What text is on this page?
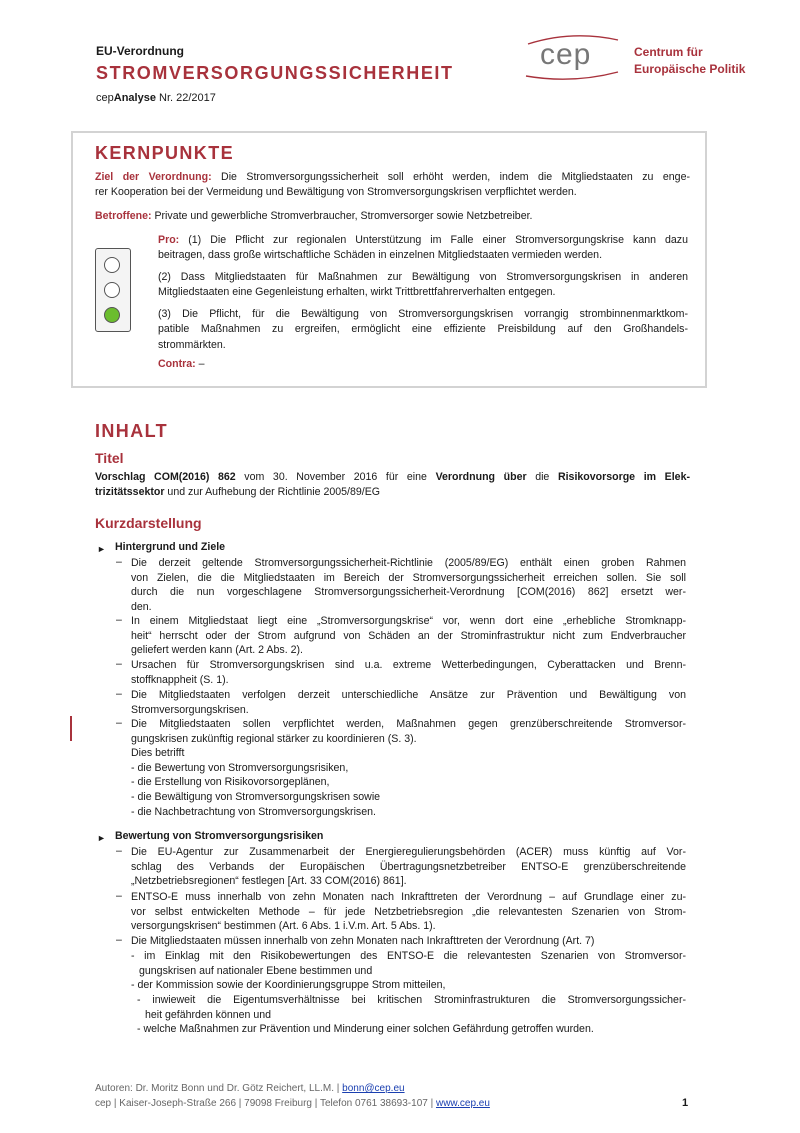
EU-Verordnung
STROMVERSORGUNGSSICHERHEIT
cepAnalyse Nr. 22/2017
cep	Centrum für
Europäische Politik
KERNPUNKTE
Ziel der Verordnung: Die Stromversorgungssicherheit soll erhöht werden, indem die Mitgliedstaaten zu enge-
rer Kooperation bei der Vermeidung und Bewältigung von Stromversorgungskrisen verpflichtet werden.
Betroffene: Private und gewerbliche Stromverbraucher, Stromversorger sowie Netzbetreiber.
Pro: (1) Die Pflicht zur regionalen Unterstützung im Falle einer Stromversorgungskrise kann dazu
beitragen, dass große wirtschaftliche Schäden in einzelnen Mitgliedstaaten vermieden werden.
(2) Dass Mitgliedstaaten für Maßnahmen zur Bewältigung von Stromversorgungskrisen in anderen
Mitgliedstaaten eine Gegenleistung erhalten, wirkt Trittbrettfahrerverhalten entgegen.
(3) Die Pflicht, für die Bewältigung von Stromversorgungskrisen vorrangig strombinnenmarktkom-
patible Maßnahmen zu ergreifen, ermöglicht eine effiziente Preisbildung auf den Großhandels-
strommärkten.
Contra: –
INHALT
Titel
Vorschlag COM(2016) 862 vom 30. November 2016 für eine Verordnung über die Risikovorsorge im Elek-
trizitätssektor und zur Aufhebung der Richtlinie 2005/89/EG
Kurzdarstellung
► Hintergrund und Ziele
– Die derzeit geltende Stromversorgungssicherheit-Richtlinie (2005/89/EG) enthält einen groben Rahmen
von Zielen, die die Mitgliedstaaten im Bereich der Stromversorgungssicherheit erreichen sollen. Sie soll
durch die nun vorgeschlagene Stromversorgungssicherheit-Verordnung [COM(2016) 862] ersetzt wer-
den.
– In einem Mitgliedstaat liegt eine „Stromversorgungskrise“ vor, wenn dort eine „erhebliche Stromknapp-
heit“ herrscht oder der Strom aufgrund von Schäden an der Strominfrastruktur nicht zum Endverbraucher
geliefert werden kann (Art. 2 Abs. 2).
– Ursachen für Stromversorgungskrisen sind u.a. extreme Wetterbedingungen, Cyberattacken und Brenn-
stoffknappheit (S. 1).
– Die Mitgliedstaaten verfolgen derzeit unterschiedliche Ansätze zur Prävention und Bewältigung von
Stromversorgungskrisen.
– Die Mitgliedstaaten sollen verpflichtet werden, Maßnahmen gegen grenzüberschreitende Stromversor-
gungskrisen zukünftig regional stärker zu koordinieren (S. 3).
Dies betrifft
- die Bewertung von Stromversorgungsrisiken,
- die Erstellung von Risikovorsorgeplänen,
- die Bewältigung von Stromversorgungskrisen sowie
- die Nachbetrachtung von Stromversorgungskrisen.
► Bewertung von Stromversorgungsrisiken
– Die EU-Agentur zur Zusammenarbeit der Energieregulierungsbehörden (ACER) muss künftig auf Vor-
schlag des Verbands der Europäischen Übertragungsnetzbetreiber ENTSO-E grenzüberschreitende
„Netzbetriebsregionen“ festlegen [Art. 33 COM(2016) 861].
– ENTSO-E muss innerhalb von zehn Monaten nach Inkrafttreten der Verordnung – auf Grundlage einer zu-
vor selbst entwickelten Methode – für jede Netzbetriebsregion „die relevantesten Szenarien von Strom-
versorgungskrisen“ bestimmen (Art. 6 Abs. 1 i.V.m. Art. 5 Abs. 1).
– Die Mitgliedstaaten müssen innerhalb von zehn Monaten nach Inkrafttreten der Verordnung (Art. 7)
- im Einklag mit den Risikobewertungen des ENTSO-E die relevantesten Szenarien von Stromversor-
gungskrisen auf nationaler Ebene bestimmen und
- der Kommission sowie der Koordinierungsgruppe Strom mitteilen,
- inwieweit die Eigentumsverhältnisse bei kritischen Strominfrastrukturen die Stromversorgungssicher-
heit gefährden können und
- welche Maßnahmen zur Prävention und Minderung einer solchen Gefährdung getroffen wurden.
Autoren: Dr. Moritz Bonn und Dr. Götz Reichert, LL.M. | bonn@cep.eu
cep | Kaiser-Joseph-Straße 266 | 79098 Freiburg | Telefon 0761 38693-107 | www.cep.eu	1
